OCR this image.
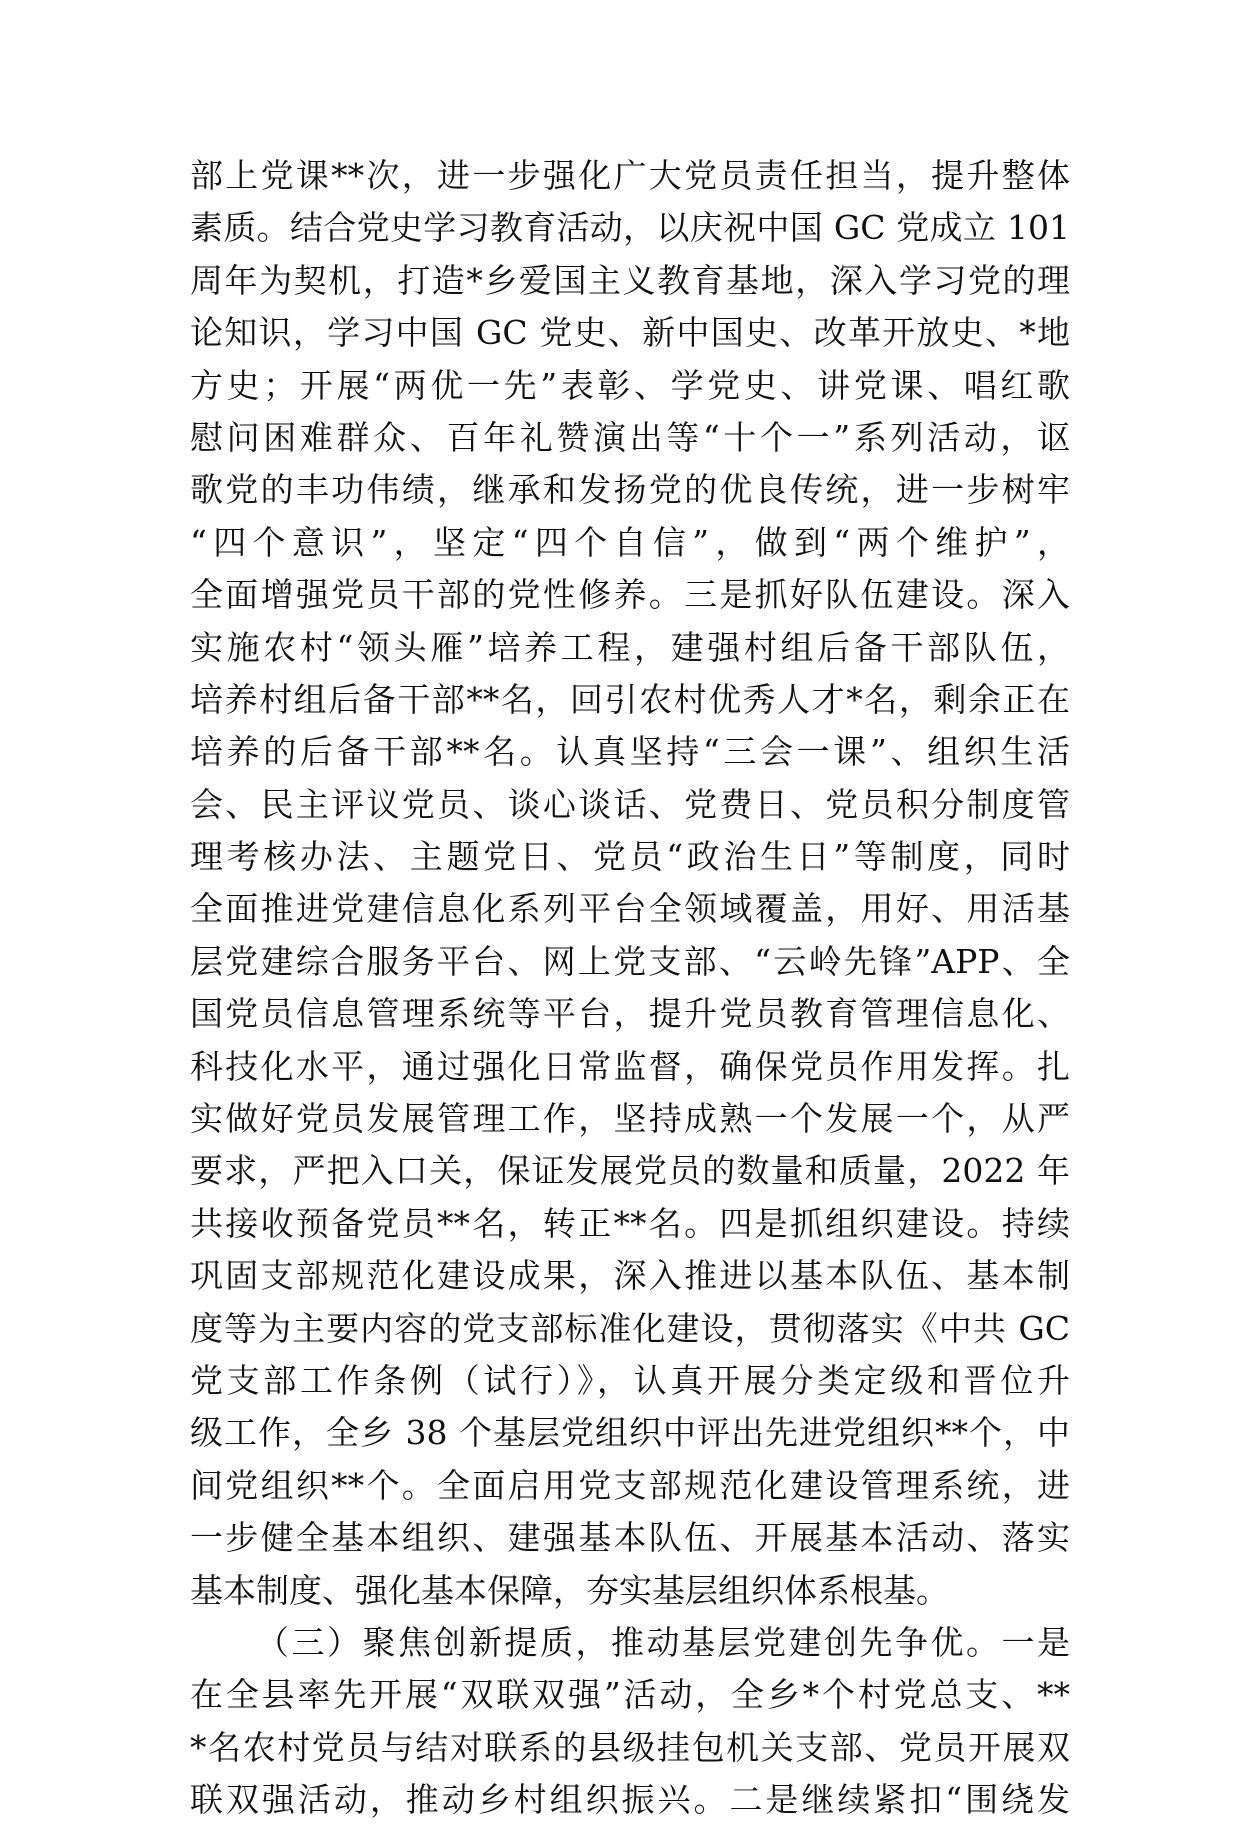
部上党课**次，进一步强化广大党员责任担当，提升整体
素质。结合党史学习教育活动，以庆祝中国 GC 党成立 101
周年为契机，打造*乡爱国主义教育基地，深入学习党的理
论知识，学习中国 GC 党史、新中国史、改革开放史、*地
方史；开展“两优一先”表彰、学党史、讲党课、唱红歌
慰问困难群众、百年礼赞演出等“十个一”系列活动，讴
歌党的丰功伟绩，继承和发扬党的优良传统，进一步树牢
“四个意识”，坚定“四个自信”，做到“两个维护”，
全面增强党员干部的党性修养。三是抓好队伍建设。深入
实施农村“领头雁”培养工程，建强村组后备干部队伍，
培养村组后备干部**名，回引农村优秀人才*名，剩余正在
培养的后备干部**名。认真坚持“三会一课”、组织生活
会、民主评议党员、谈心谈话、党费日、党员积分制度管
理考核办法、主题党日、党员“政治生日”等制度，同时
全面推进党建信息化系列平台全领域覆盖，用好、用活基
层党建综合服务平台、网上党支部、“云岭先锋”APP、全
国党员信息管理系统等平台，提升党员教育管理信息化、
科技化水平，通过强化日常监督，确保党员作用发挥。扎
实做好党员发展管理工作，坚持成熟一个发展一个，从严
要求，严把入口关，保证发展党员的数量和质量，2022 年
共接收预备党员**名，转正**名。四是抓组织建设。持续
巩固支部规范化建设成果，深入推进以基本队伍、基本制
度等为主要内容的党支部标准化建设，贯彻落实《中共 GC
党支部工作条例（试行）》，认真开展分类定级和晋位升
级工作，全乡 38 个基层党组织中评出先进党组织**个，中
间党组织**个。全面启用党支部规范化建设管理系统，进
一步健全基本组织、建强基本队伍、开展基本活动、落实
基本制度、强化基本保障，夯实基层组织体系根基。
（三）聚焦创新提质，推动基层党建创先争优。一是
在全县率先开展“双联双强”活动，全乡*个村党总支、**
*名农村党员与结对联系的县级挂包机关支部、党员开展双
联双强活动，推动乡村组织振兴。二是继续紧扣“围绕发
